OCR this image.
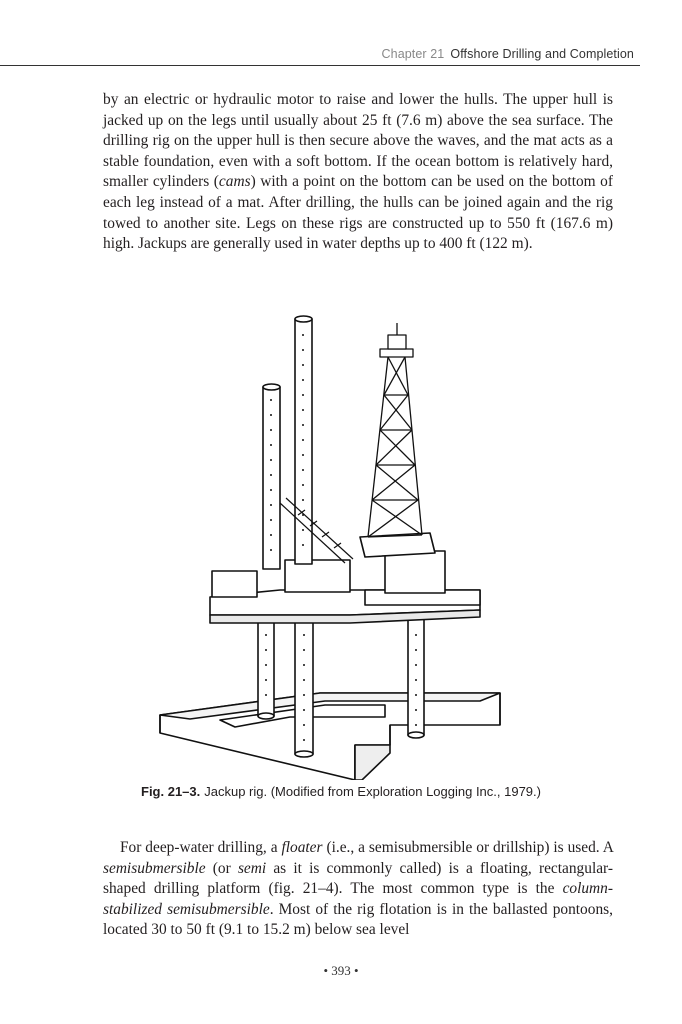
Chapter 21 Offshore Drilling and Completion

by an electric or hydraulic motor to raise and lower the hulls. The upper hull is jacked up on the legs until usually about 25 ft (7.6 m) above the sea surface. The drilling rig on the upper hull is then secure above the waves, and the mat acts as a stable foundation, even with a soft bottom. If the ocean bottom is relatively hard, smaller cylinders (cams) with a point on the bottom can be used on the bottom of each leg instead of a mat. After drilling, the hulls can be joined again and the rig towed to another site. Legs on these rigs are constructed up to 550 ft (167.6 m) high. Jackups are generally used in water depths up to 400 ft (122 m).

Fig. 21–3. Jackup rig. (Modified from Exploration Logging Inc., 1979.)

For deep-water drilling, a floater (i.e., a semisubmersible or drillship) is used. A semisubmersible (or semi as it is commonly called) is a floating, rectangular-shaped drilling platform (fig. 21–4). The most common type is the column-stabilized semisubmersible. Most of the rig flotation is in the ballasted pontoons, located 30 to 50 ft (9.1 to 15.2 m) below sea level

• 393 •
